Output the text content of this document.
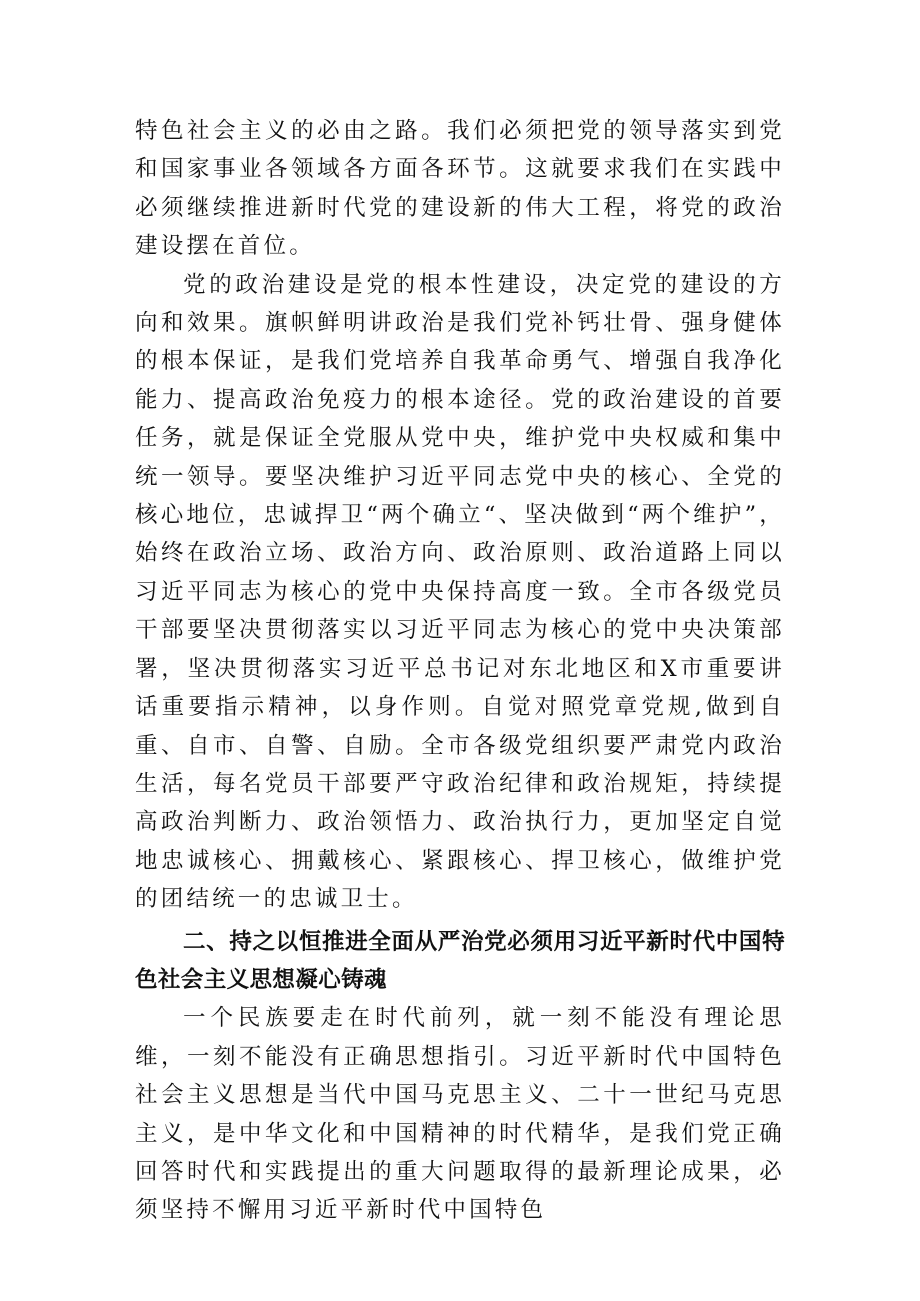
特色社会主义的必由之路。我们必须把党的领导落实到党和国家事业各领域各方面各环节。这就要求我们在实践中必须继续推进新时代党的建设新的伟大工程，将党的政治建设摆在首位。

党的政治建设是党的根本性建设，决定党的建设的方向和效果。旗帜鲜明讲政治是我们党补钙壮骨、强身健体的根本保证，是我们党培养自我革命勇气、增强自我净化能力、提高政治免疫力的根本途径。党的政治建设的首要任务，就是保证全党服从党中央，维护党中央权威和集中统一领导。要坚决维护习近平同志党中央的核心、全党的核心地位，忠诚捍卫“两个确立“、坚决做到“两个维护”，始终在政治立场、政治方向、政治原则、政治道路上同以习近平同志为核心的党中央保持高度一致。全市各级党员干部要坚决贯彻落实以习近平同志为核心的党中央决策部署，坚决贯彻落实习近平总书记对东北地区和X市重要讲话重要指示精神，以身作则。自觉对照党章党规,做到自重、自市、自警、自励。全市各级党组织要严肃党内政治生活，每名党员干部要严守政治纪律和政治规矩，持续提高政治判断力、政治领悟力、政治执行力，更加坚定自觉地忠诚核心、拥戴核心、紧跟核心、捍卫核心，做维护党的团结统一的忠诚卫士。

二、持之以恒推进全面从严治党必须用习近平新时代中国特色社会主义思想凝心铸魂

一个民族要走在时代前列，就一刻不能没有理论思维，一刻不能没有正确思想指引。习近平新时代中国特色社会主义思想是当代中国马克思主义、二十一世纪马克思主义，是中华文化和中国精神的时代精华，是我们党正确回答时代和实践提出的重大问题取得的最新理论成果，必须坚持不懈用习近平新时代中国特色
